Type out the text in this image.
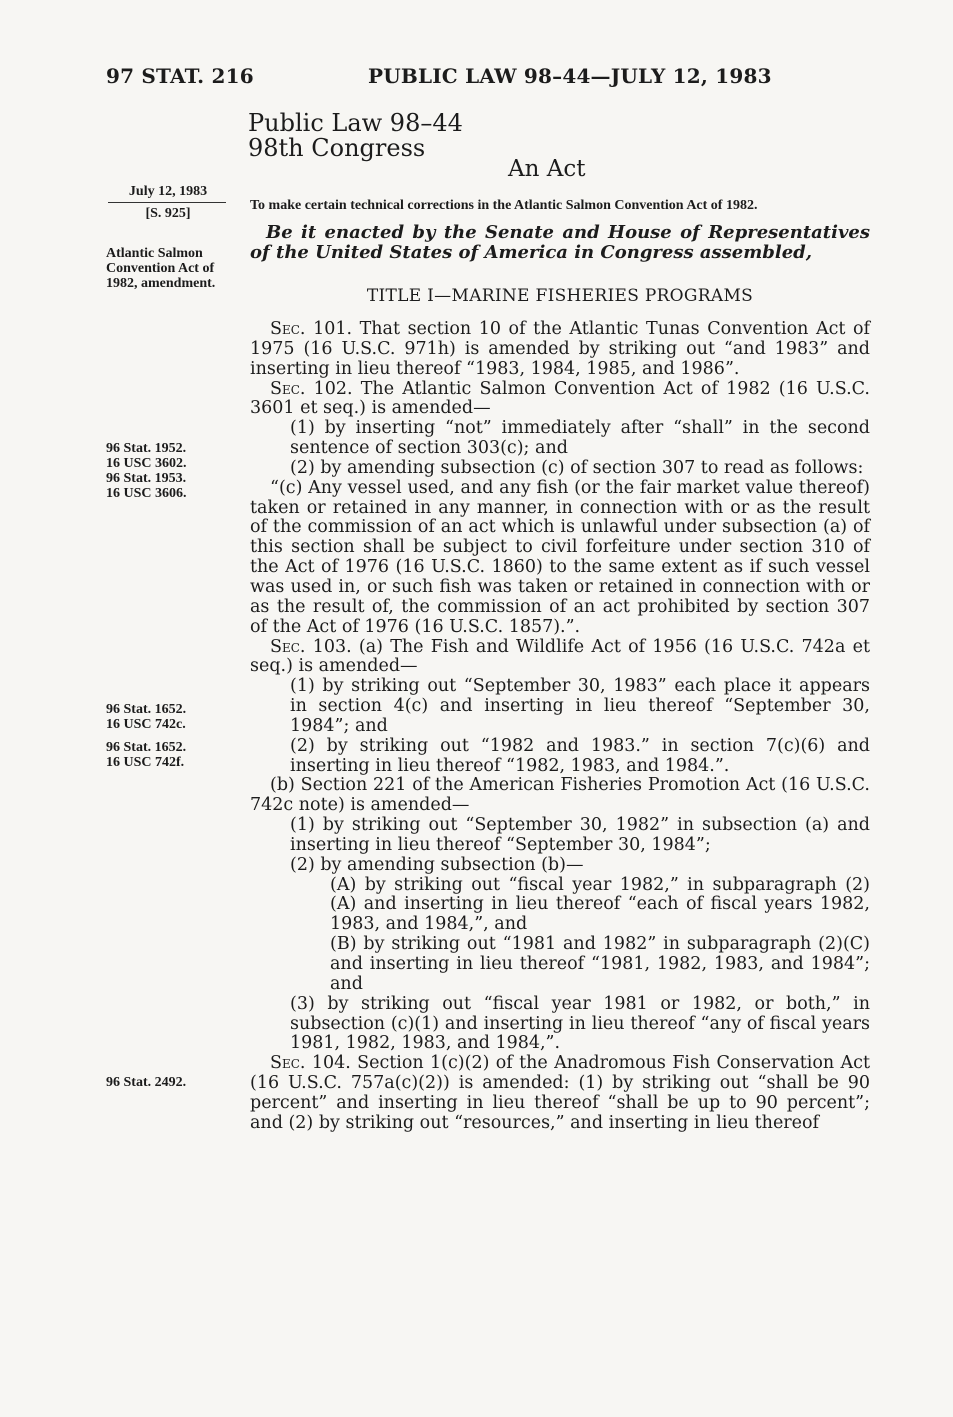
97 STAT. 216	PUBLIC LAW 98–44—JULY 12, 1983
Public Law 98–44
98th Congress
An Act
July 12, 1983
[S. 925]
Atlantic Salmon Convention Act of 1982, amendment.
96 Stat. 1952.
16 USC 3602.
96 Stat. 1953.
16 USC 3606.
96 Stat. 1652.
16 USC 742c.
96 Stat. 1652.
16 USC 742f.
96 Stat. 2492.
To make certain technical corrections in the Atlantic Salmon Convention Act of 1982.
Be it enacted by the Senate and House of Representatives of the United States of America in Congress assembled,
TITLE I—MARINE FISHERIES PROGRAMS

Sec. 101. That section 10 of the Atlantic Tunas Convention Act of 1975 (16 U.S.C. 971h) is amended by striking out “and 1983” and inserting in lieu thereof “1983, 1984, 1985, and 1986”.

Sec. 102. The Atlantic Salmon Convention Act of 1982 (16 U.S.C. 3601 et seq.) is amended—

(1) by inserting “not” immediately after “shall” in the second sentence of section 303(c); and

(2) by amending subsection (c) of section 307 to read as follows:

“(c) Any vessel used, and any fish (or the fair market value thereof) taken or retained in any manner, in connection with or as the result of the commission of an act which is unlawful under subsection (a) of this section shall be subject to civil forfeiture under section 310 of the Act of 1976 (16 U.S.C. 1860) to the same extent as if such vessel was used in, or such fish was taken or retained in connection with or as the result of, the commission of an act prohibited by section 307 of the Act of 1976 (16 U.S.C. 1857).”.

Sec. 103. (a) The Fish and Wildlife Act of 1956 (16 U.S.C. 742a et seq.) is amended—

(1) by striking out “September 30, 1983” each place it appears in section 4(c) and inserting in lieu thereof “September 30, 1984”; and

(2) by striking out “1982 and 1983.” in section 7(c)(6) and inserting in lieu thereof “1982, 1983, and 1984.”.

(b) Section 221 of the American Fisheries Promotion Act (16 U.S.C. 742c note) is amended—

(1) by striking out “September 30, 1982” in subsection (a) and inserting in lieu thereof “September 30, 1984”;

(2) by amending subsection (b)—

(A) by striking out “fiscal year 1982,” in subparagraph (2)(A) and inserting in lieu thereof “each of fiscal years 1982, 1983, and 1984,”, and

(B) by striking out “1981 and 1982” in subparagraph (2)(C) and inserting in lieu thereof “1981, 1982, 1983, and 1984”; and

(3) by striking out “fiscal year 1981 or 1982, or both,” in subsection (c)(1) and inserting in lieu thereof “any of fiscal years 1981, 1982, 1983, and 1984,”.

Sec. 104. Section 1(c)(2) of the Anadromous Fish Conservation Act (16 U.S.C. 757a(c)(2)) is amended: (1) by striking out “shall be 90 percent” and inserting in lieu thereof “shall be up to 90 percent”; and (2) by striking out “resources,” and inserting in lieu thereof
